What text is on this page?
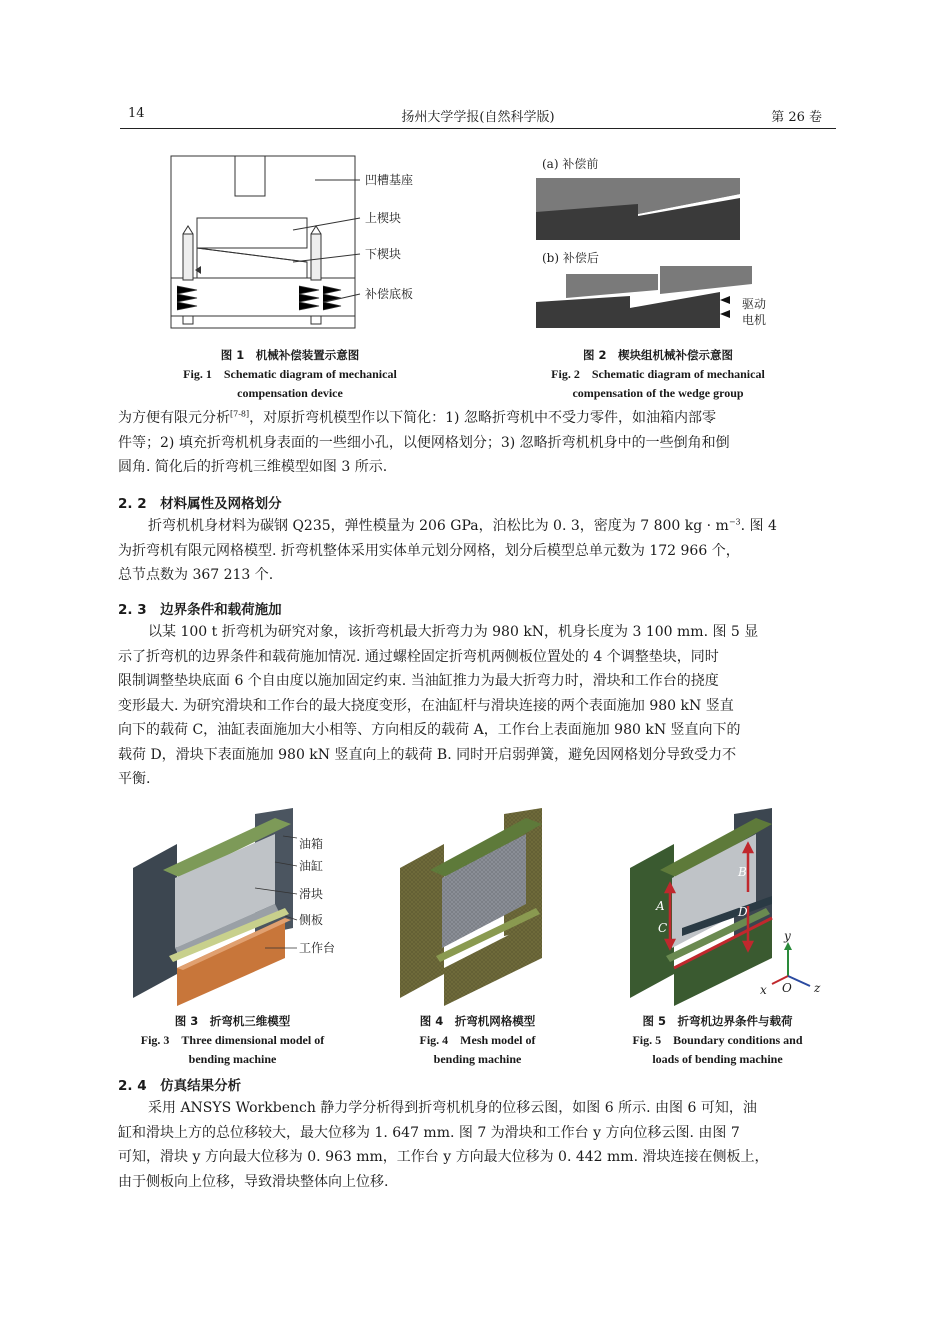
14	扬州大学学报(自然科学版)	第 26 卷
凹槽基座
上楔块
下楔块
补偿底板
图 1　机械补偿装置示意图
Fig. 1　Schematic diagram of mechanical
compensation device
(a) 补偿前
(b) 补偿后
驱动
电机
图 2　楔块组机械补偿示意图
Fig. 2　Schematic diagram of mechanical
compensation of the wedge group

为方便有限元分析[7-8]，对原折弯机模型作以下简化：1) 忽略折弯机中不受力零件，如油箱内部零

件等；2) 填充折弯机机身表面的一些细小孔，以便网格划分；3) 忽略折弯机机身中的一些倒角和倒

圆角. 简化后的折弯机三维模型如图 3 所示.

2. 2　材料属性及网格划分

折弯机机身材料为碳钢 Q235，弹性模量为 206 GPa，泊松比为 0. 3，密度为 7 800 kg · $m^{-3}$. 图 4

为折弯机有限元网格模型. 折弯机整体采用实体单元划分网格，划分后模型总单元数为 172 966 个，

总节点数为 367 213 个.

2. 3　边界条件和载荷施加

以某 100 t 折弯机为研究对象，该折弯机最大折弯力为 980 kN，机身长度为 3 100 mm. 图 5 显

示了折弯机的边界条件和载荷施加情况. 通过螺栓固定折弯机两侧板位置处的 4 个调整垫块，同时

限制调整垫块底面 6 个自由度以施加固定约束. 当油缸推力为最大折弯力时，滑块和工作台的挠度

变形最大. 为研究滑块和工作台的最大挠度变形，在油缸杆与滑块连接的两个表面施加 980 kN 竖直

向下的载荷 C，油缸表面施加大小相等、方向相反的载荷 A，工作台上表面施加 980 kN 竖直向下的

载荷 D，滑块下表面施加 980 kN 竖直向上的载荷 B. 同时开启弱弹簧，避免因网格划分导致受力不

平衡.

油箱
油缸
滑块
侧板
工作台
图 3　折弯机三维模型
Fig. 3　Three dimensional model of
bending machine
图 4　折弯机网格模型
Fig. 4　Mesh model of
bending machine
B
A
C
D
y
x O z
图 5　折弯机边界条件与载荷
Fig. 5　Boundary conditions and
loads of bending machine
2. 4　仿真结果分析

采用 ANSYS Workbench 静力学分析得到折弯机机身的位移云图，如图 6 所示. 由图 6 可知，油

缸和滑块上方的总位移较大，最大位移为 1. 647 mm. 图 7 为滑块和工作台 y 方向位移云图. 由图 7

可知，滑块 y 方向最大位移为 0. 963 mm，工作台 y 方向最大位移为 0. 442 mm. 滑块连接在侧板上，

由于侧板向上位移，导致滑块整体向上位移.
